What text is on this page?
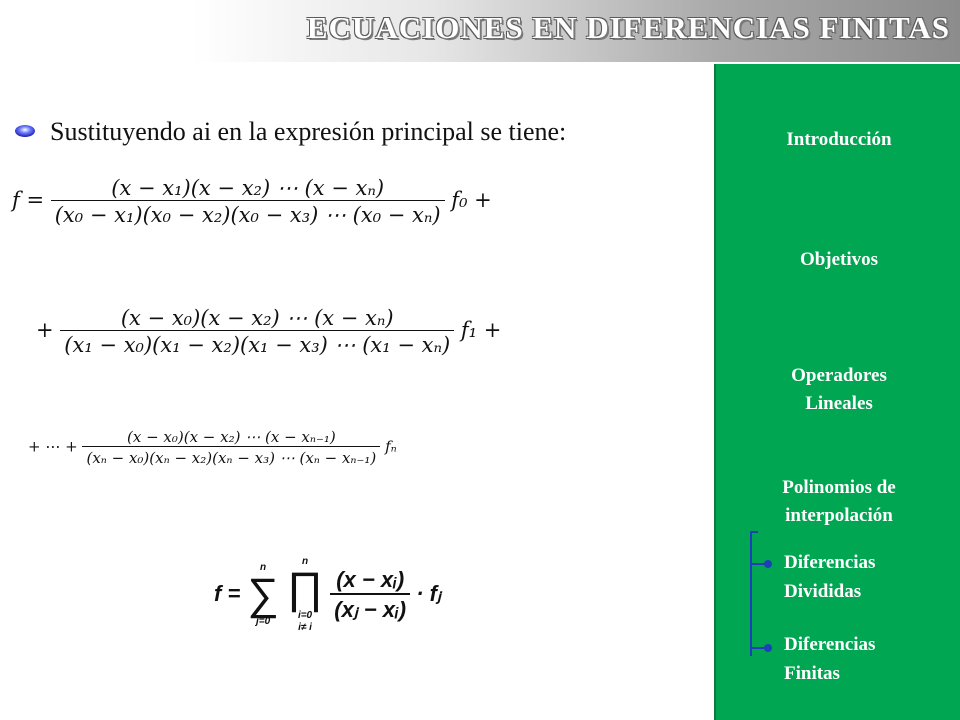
ECUACIONES EN DIFERENCIAS FINITAS
Sustituyendo ai en la expresión principal se tiene:
$f = \frac{\text{(x − x₁)(x − x₂) ⋯ (x − xₙ)}}{\text{(x₀ − x₁)(x₀ − x₂)(x₀ − x₃) ⋯ (x₀ − xₙ)}} f_0$ +
+ $\frac{\text{(x − x₀)(x − x₂) ⋯ (x − xₙ)}}{\text{(x₁ − x₀)(x₁ − x₂)(x₁ − x₃) ⋯ (x₁ − xₙ)}} f_1$ +
+ ⋯ + $\frac{\text{(x − x₀)(x − x₂) ⋯ (x − xₙ₋₁)}}{\text{(xₙ − x₀)(xₙ − x₂)(xₙ − x₃) ⋯ (xₙ − xₙ₋₁)}}$ fₙ
f =
n
∑
j=0

n
∏
i=0
i≠ i

$\frac{\text{(x − xᵢ)}}{\text{(xⱼ − xᵢ)}}$ · fⱼ
Introducción
Objetivos
Operadores
Lineales
Polinomios de
interpolación
Diferencias
Divididas
Diferencias
Finitas
